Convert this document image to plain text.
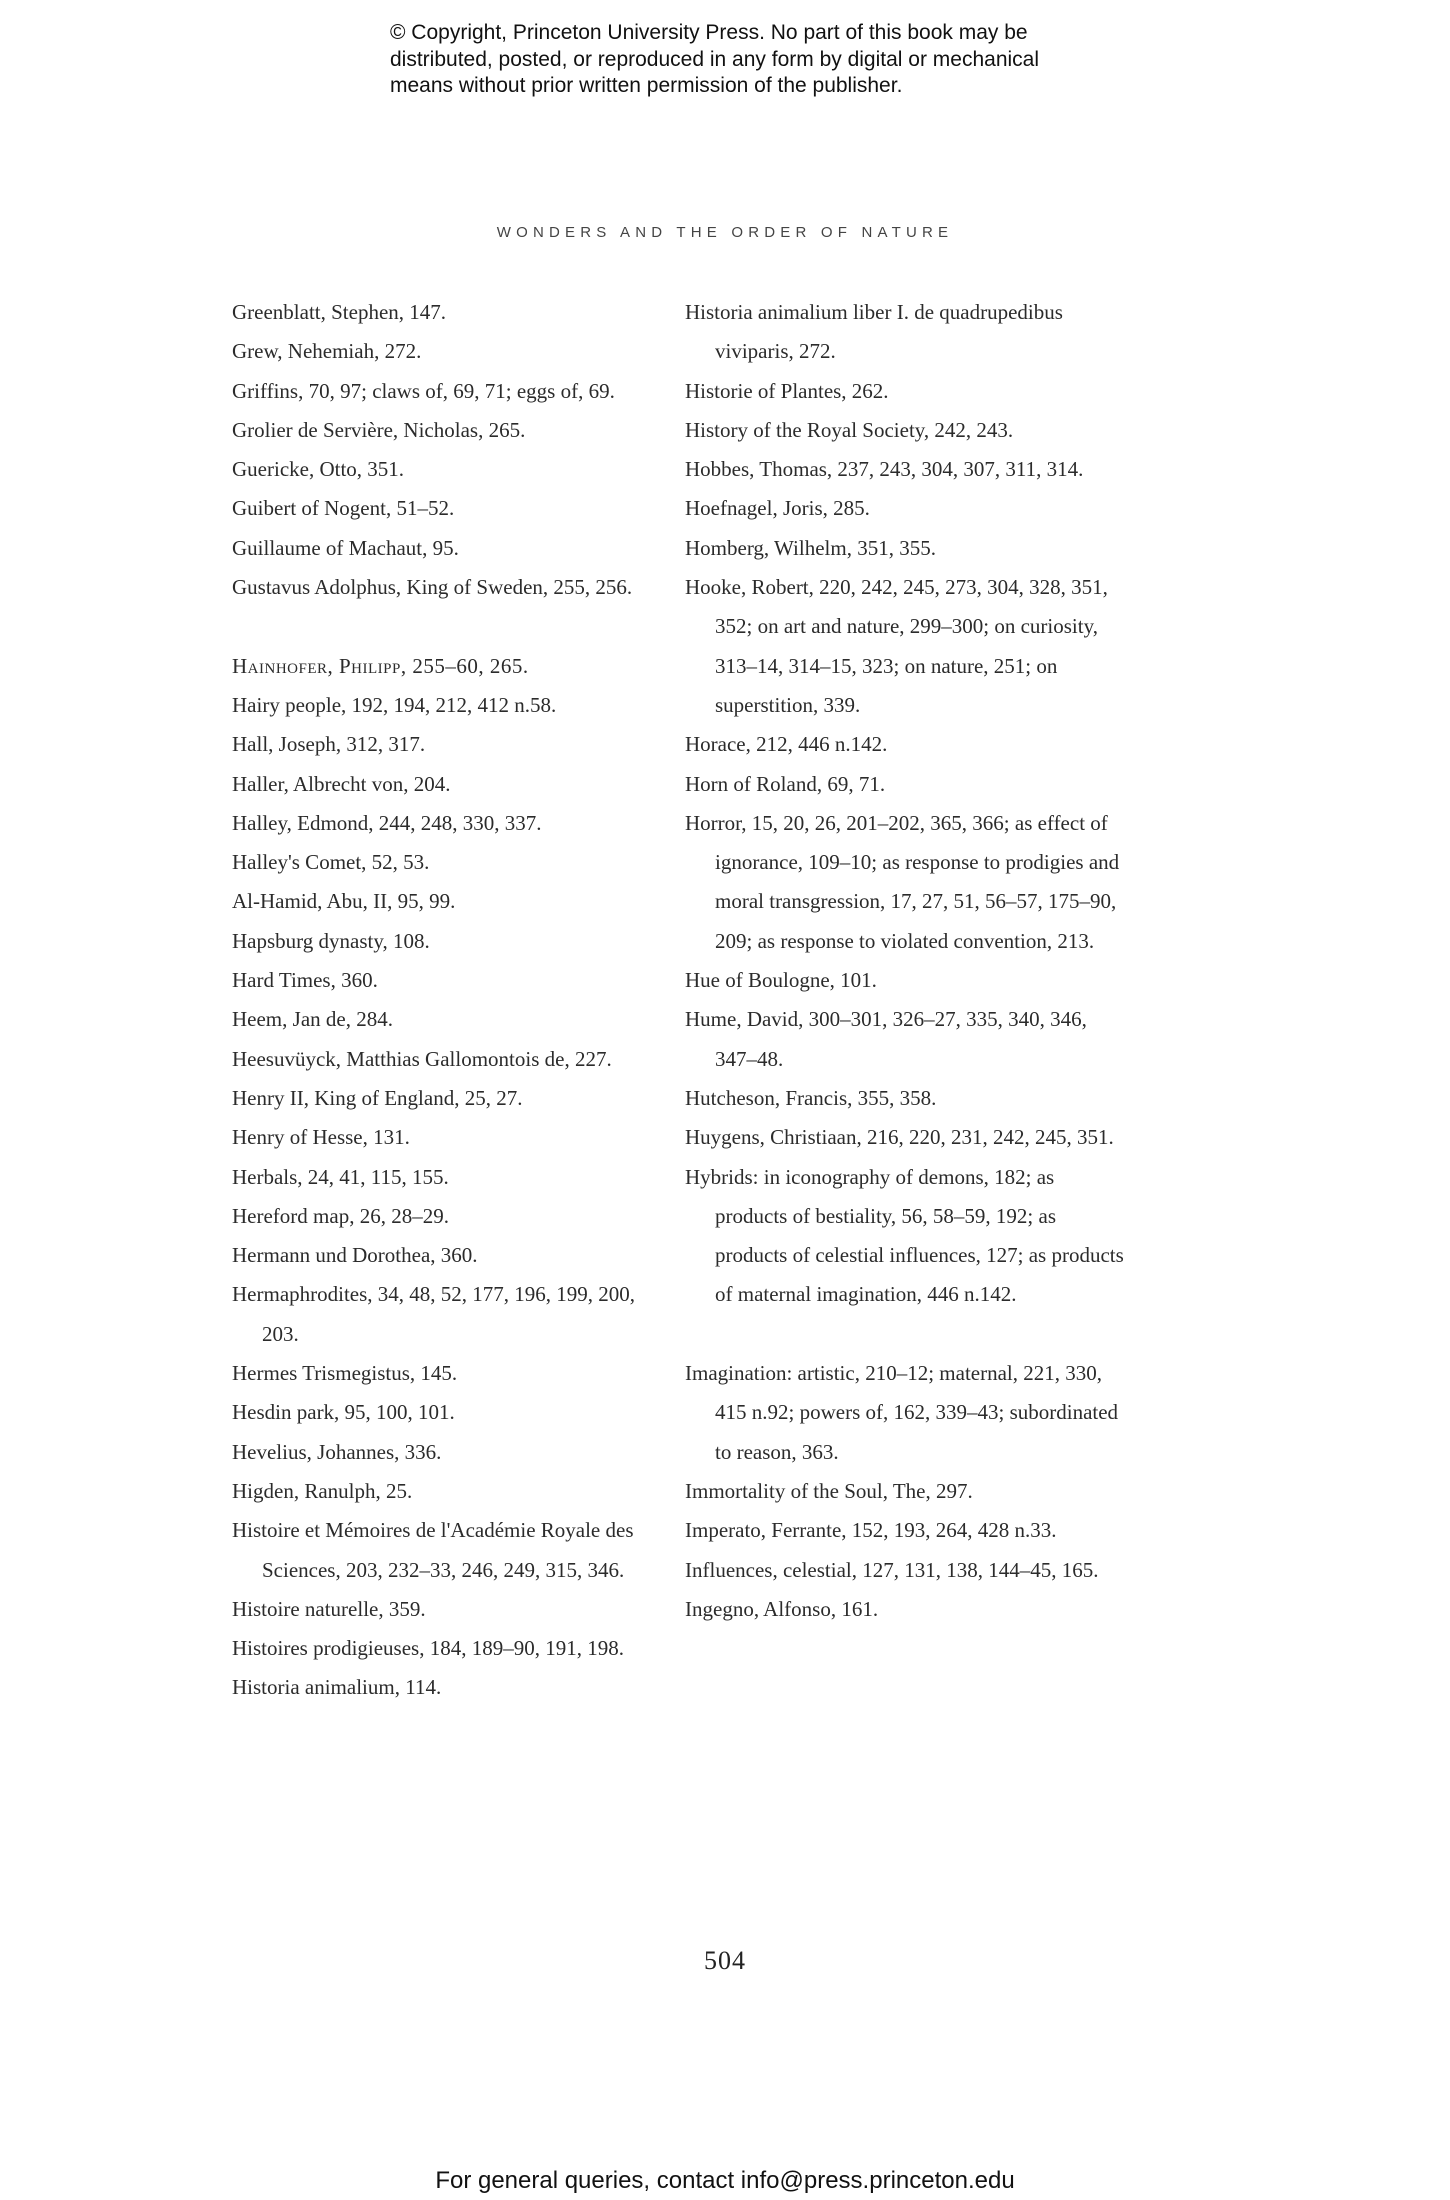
© Copyright, Princeton University Press. No part of this book may be
distributed, posted, or reproduced in any form by digital or mechanical
means without prior written permission of the publisher.
WONDERS AND THE ORDER OF NATURE
Greenblatt, Stephen, 147.
Grew, Nehemiah, 272.
Griffins, 70, 97; claws of, 69, 71; eggs of, 69.
Grolier de Servière, Nicholas, 265.
Guericke, Otto, 351.
Guibert of Nogent, 51–52.
Guillaume of Machaut, 95.
Gustavus Adolphus, King of Sweden, 255, 256.
Hainhofer, Philipp, 255–60, 265.
Hairy people, 192, 194, 212, 412 n.58.
Hall, Joseph, 312, 317.
Haller, Albrecht von, 204.
Halley, Edmond, 244, 248, 330, 337.
Halley's Comet, 52, 53.
Al-Hamid, Abu, II, 95, 99.
Hapsburg dynasty, 108.
Hard Times, 360.
Heem, Jan de, 284.
Heesuvüyck, Matthias Gallomontois de, 227.
Henry II, King of England, 25, 27.
Henry of Hesse, 131.
Herbals, 24, 41, 115, 155.
Hereford map, 26, 28–29.
Hermann und Dorothea, 360.
Hermaphrodites, 34, 48, 52, 177, 196, 199, 200, 203.
Hermes Trismegistus, 145.
Hesdin park, 95, 100, 101.
Hevelius, Johannes, 336.
Higden, Ranulph, 25.
Histoire et Mémoires de l'Académie Royale des Sciences, 203, 232–33, 246, 249, 315, 346.
Histoire naturelle, 359.
Histoires prodigieuses, 184, 189–90, 191, 198.
Historia animalium, 114.
Historia animalium liber I. de quadrupedibus viviparis, 272.
Historie of Plantes, 262.
History of the Royal Society, 242, 243.
Hobbes, Thomas, 237, 243, 304, 307, 311, 314.
Hoefnagel, Joris, 285.
Homberg, Wilhelm, 351, 355.
Hooke, Robert, 220, 242, 245, 273, 304, 328, 351, 352; on art and nature, 299–300; on curiosity, 313–14, 314–15, 323; on nature, 251; on superstition, 339.
Horace, 212, 446 n.142.
Horn of Roland, 69, 71.
Horror, 15, 20, 26, 201–202, 365, 366; as effect of ignorance, 109–10; as response to prodigies and moral transgression, 17, 27, 51, 56–57, 175–90, 209; as response to violated convention, 213.
Hue of Boulogne, 101.
Hume, David, 300–301, 326–27, 335, 340, 346, 347–48.
Hutcheson, Francis, 355, 358.
Huygens, Christiaan, 216, 220, 231, 242, 245, 351.
Hybrids: in iconography of demons, 182; as products of bestiality, 56, 58–59, 192; as products of celestial influences, 127; as products of maternal imagination, 446 n.142.
Imagination: artistic, 210–12; maternal, 221, 330, 415 n.92; powers of, 162, 339–43; subordinated to reason, 363.
Immortality of the Soul, The, 297.
Imperato, Ferrante, 152, 193, 264, 428 n.33.
Influences, celestial, 127, 131, 138, 144–45, 165.
Ingegno, Alfonso, 161.
504
For general queries, contact info@press.princeton.edu
